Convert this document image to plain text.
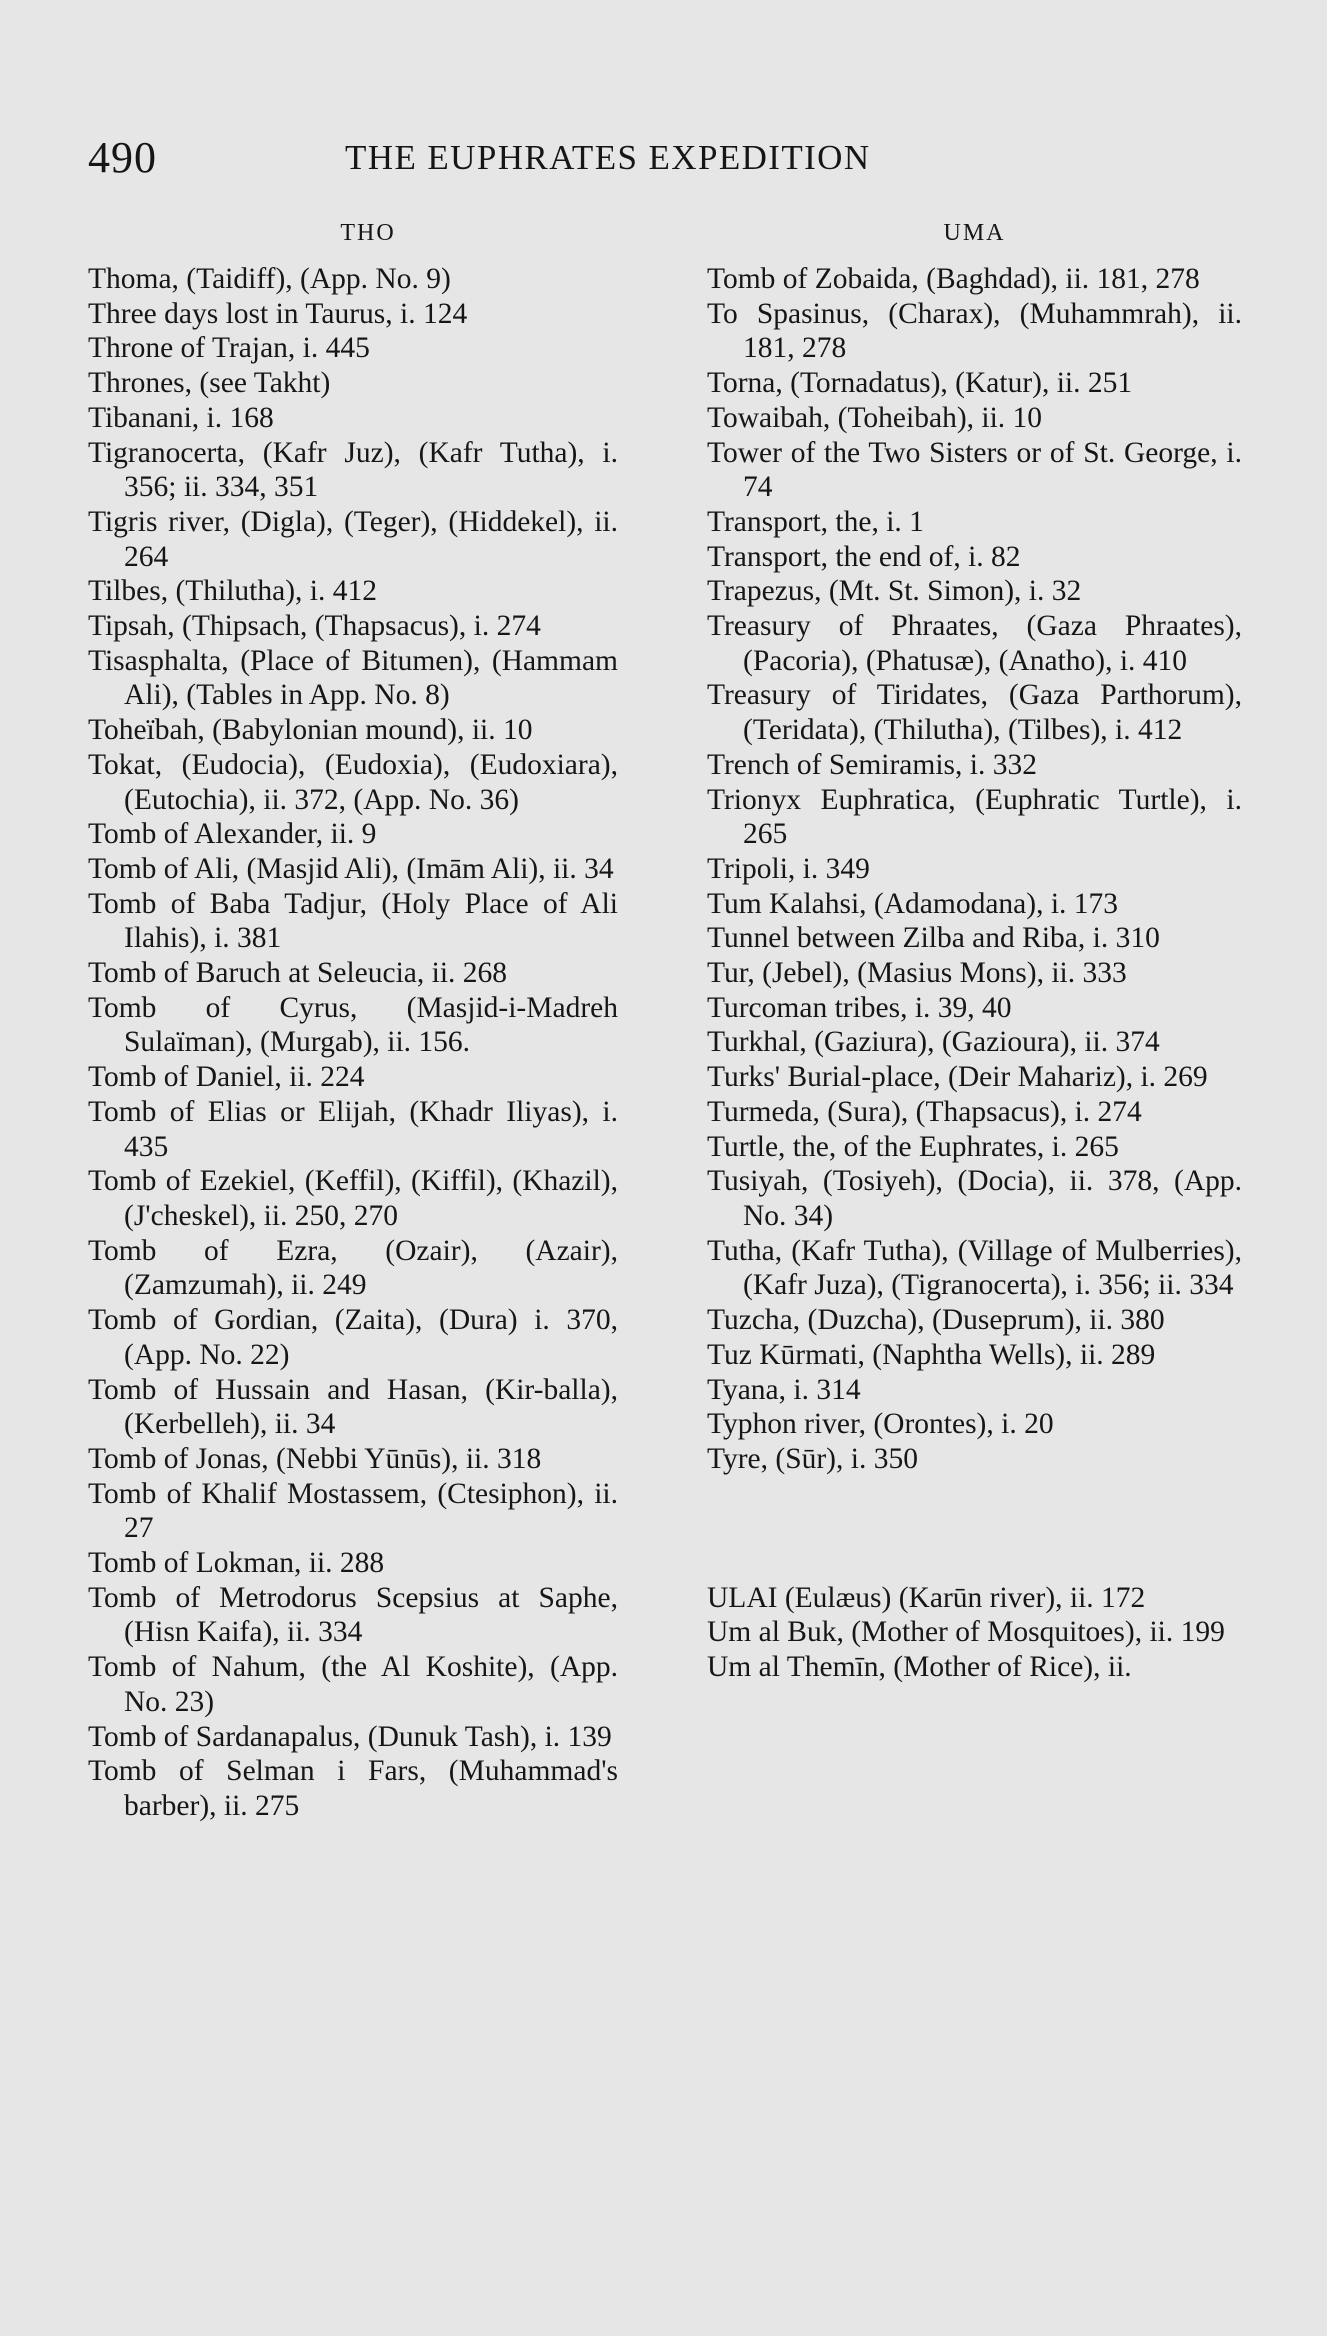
490	THE EUPHRATES EXPEDITION
THO
Thoma, (Taidiff), (App. No. 9)
Three days lost in Taurus, i. 124
Throne of Trajan, i. 445
Thrones, (see Takht)
Tibanani, i. 168
Tigranocerta, (Kafr Juz), (Kafr Tutha), i. 356; ii. 334, 351
Tigris river, (Digla), (Teger), (Hiddekel), ii. 264
Tilbes, (Thilutha), i. 412
Tipsah, (Thipsach, (Thapsacus), i. 274
Tisasphalta, (Place of Bitumen), (Hammam Ali), (Tables in App. No. 8)
Toheïbah, (Babylonian mound), ii. 10
Tokat, (Eudocia), (Eudoxia), (Eudoxiara), (Eutochia), ii. 372, (App. No. 36)
Tomb of Alexander, ii. 9
Tomb of Ali, (Masjid Ali), (Imām Ali), ii. 34
Tomb of Baba Tadjur, (Holy Place of Ali Ilahis), i. 381
Tomb of Baruch at Seleucia, ii. 268
Tomb of Cyrus, (Masjid-i-Madreh Sulaïman), (Murgab), ii. 156.
Tomb of Daniel, ii. 224
Tomb of Elias or Elijah, (Khadr Iliyas), i. 435
Tomb of Ezekiel, (Keffil), (Kiffil), (Khazil), (J'cheskel), ii. 250, 270
Tomb of Ezra, (Ozair), (Azair), (Zamzumah), ii. 249
Tomb of Gordian, (Zaita), (Dura) i. 370, (App. No. 22)
Tomb of Hussain and Hasan, (Kir-balla), (Kerbelleh), ii. 34
Tomb of Jonas, (Nebbi Yūnūs), ii. 318
Tomb of Khalif Mostassem, (Ctesiphon), ii. 27
Tomb of Lokman, ii. 288
Tomb of Metrodorus Scepsius at Saphe, (Hisn Kaifa), ii. 334
Tomb of Nahum, (the Al Koshite), (App. No. 23)
Tomb of Sardanapalus, (Dunuk Tash), i. 139
Tomb of Selman i Fars, (Muhammad's barber), ii. 275
UMA
Tomb of Zobaida, (Baghdad), ii. 181, 278
To Spasinus, (Charax), (Muhammrah), ii. 181, 278
Torna, (Tornadatus), (Katur), ii. 251
Towaibah, (Toheibah), ii. 10
Tower of the Two Sisters or of St. George, i. 74
Transport, the, i. 1
Transport, the end of, i. 82
Trapezus, (Mt. St. Simon), i. 32
Treasury of Phraates, (Gaza Phraates), (Pacoria), (Phatusæ), (Anatho), i. 410
Treasury of Tiridates, (Gaza Parthorum), (Teridata), (Thilutha), (Tilbes), i. 412
Trench of Semiramis, i. 332
Trionyx Euphratica, (Euphratic Turtle), i. 265
Tripoli, i. 349
Tum Kalahsi, (Adamodana), i. 173
Tunnel between Zilba and Riba, i. 310
Tur, (Jebel), (Masius Mons), ii. 333
Turcoman tribes, i. 39, 40
Turkhal, (Gaziura), (Gazioura), ii. 374
Turks' Burial-place, (Deir Mahariz), i. 269
Turmeda, (Sura), (Thapsacus), i. 274
Turtle, the, of the Euphrates, i. 265
Tusiyah, (Tosiyeh), (Docia), ii. 378, (App. No. 34)
Tutha, (Kafr Tutha), (Village of Mulberries), (Kafr Juza), (Tigranocerta), i. 356; ii. 334
Tuzcha, (Duzcha), (Duseprum), ii. 380
Tuz Kūrmati, (Naphtha Wells), ii. 289
Tyana, i. 314
Typhon river, (Orontes), i. 20
Tyre, (Sūr), i. 350
ULAI (Eulæus) (Karūn river), ii. 172
Um al Buk, (Mother of Mosquitoes), ii. 199
Um al Themīn, (Mother of Rice), ii.
